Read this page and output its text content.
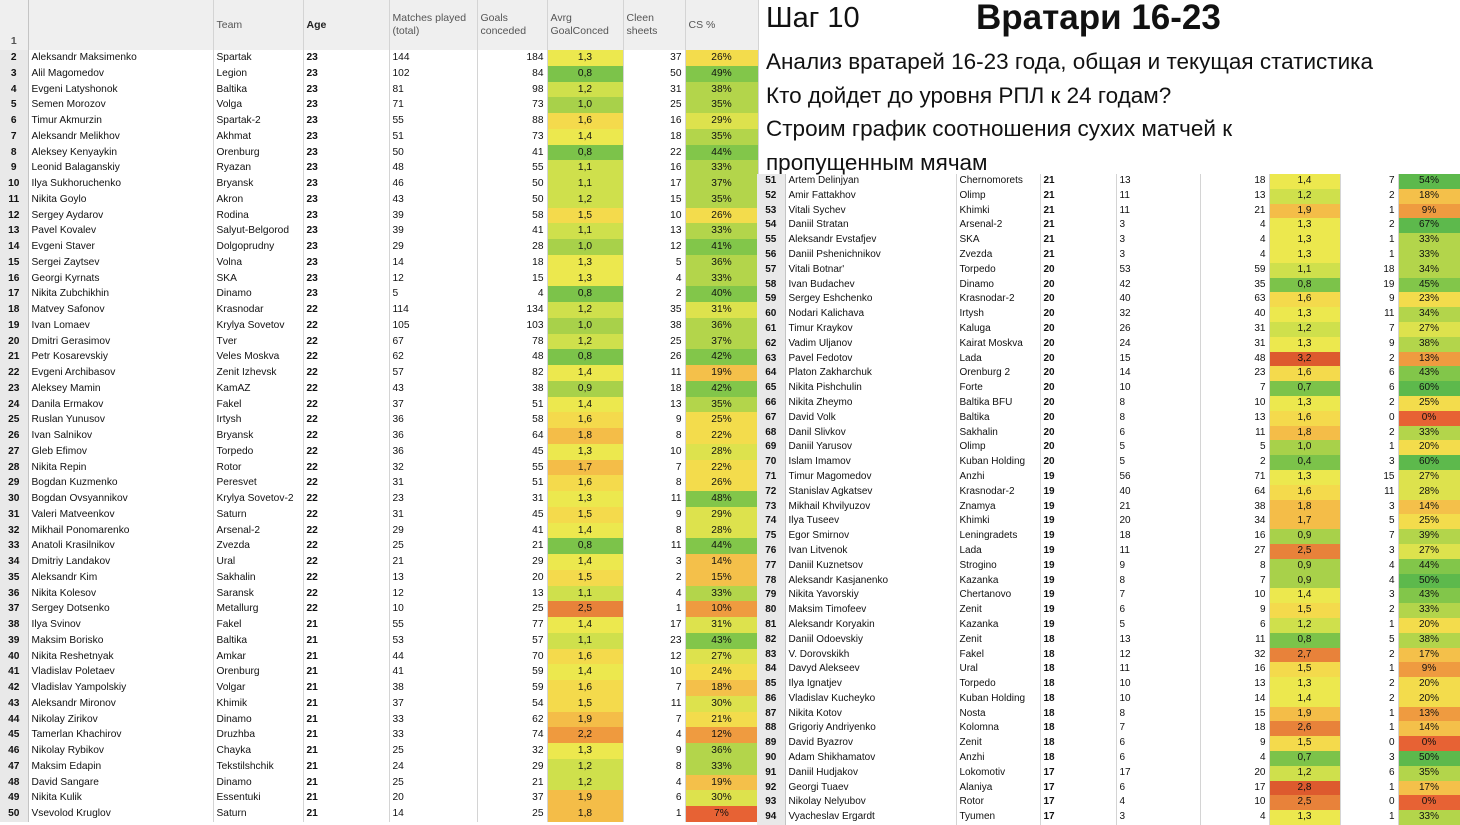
1		Team	Age	Matches played (total)	Goals conceded	Avrg GoalConced	Cleen sheets	CS %
2	Aleksandr Maksimenko	Spartak	23	144	184	1,3	37	26%
3	Alil Magomedov	Legion	23	102	84	0,8	50	49%
4	Evgeni Latyshonok	Baltika	23	81	98	1,2	31	38%
5	Semen Morozov	Volga	23	71	73	1,0	25	35%
6	Timur Akmurzin	Spartak-2	23	55	88	1,6	16	29%
7	Aleksandr Melikhov	Akhmat	23	51	73	1,4	18	35%
8	Aleksey Kenyaykin	Orenburg	23	50	41	0,8	22	44%
9	Leonid Balaganskiy	Ryazan	23	48	55	1,1	16	33%
10	Ilya Sukhoruchenko	Bryansk	23	46	50	1,1	17	37%
11	Nikita Goylo	Akron	23	43	50	1,2	15	35%
12	Sergey Aydarov	Rodina	23	39	58	1,5	10	26%
13	Pavel Kovalev	Salyut-Belgorod	23	39	41	1,1	13	33%
14	Evgeni Staver	Dolgoprudny	23	29	28	1,0	12	41%
15	Sergei Zaytsev	Volna	23	14	18	1,3	5	36%
16	Georgi Kyrnats	SKA	23	12	15	1,3	4	33%
17	Nikita Zubchikhin	Dinamo	23	5	4	0,8	2	40%
18	Matvey Safonov	Krasnodar	22	114	134	1,2	35	31%
19	Ivan Lomaev	Krylya Sovetov	22	105	103	1,0	38	36%
20	Dmitri Gerasimov	Tver	22	67	78	1,2	25	37%
21	Petr Kosarevskiy	Veles Moskva	22	62	48	0,8	26	42%
22	Evgeni Archibasov	Zenit Izhevsk	22	57	82	1,4	11	19%
23	Aleksey Mamin	KamAZ	22	43	38	0,9	18	42%
24	Danila Ermakov	Fakel	22	37	51	1,4	13	35%
25	Ruslan Yunusov	Irtysh	22	36	58	1,6	9	25%
26	Ivan Salnikov	Bryansk	22	36	64	1,8	8	22%
27	Gleb Efimov	Torpedo	22	36	45	1,3	10	28%
28	Nikita Repin	Rotor	22	32	55	1,7	7	22%
29	Bogdan Kuzmenko	Peresvet	22	31	51	1,6	8	26%
30	Bogdan Ovsyannikov	Krylya Sovetov-2	22	23	31	1,3	11	48%
31	Valeri Matveenkov	Saturn	22	31	45	1,5	9	29%
32	Mikhail Ponomarenko	Arsenal-2	22	29	41	1,4	8	28%
33	Anatoli Krasilnikov	Zvezda	22	25	21	0,8	11	44%
34	Dmitriy Landakov	Ural	22	21	29	1,4	3	14%
35	Aleksandr Kim	Sakhalin	22	13	20	1,5	2	15%
36	Nikita Kolesov	Saransk	22	12	13	1,1	4	33%
37	Sergey Dotsenko	Metallurg	22	10	25	2,5	1	10%
38	Ilya Svinov	Fakel	21	55	77	1,4	17	31%
39	Maksim Borisko	Baltika	21	53	57	1,1	23	43%
40	Nikita Reshetnyak	Amkar	21	44	70	1,6	12	27%
41	Vladislav Poletaev	Orenburg	21	41	59	1,4	10	24%
42	Vladislav Yampolskiy	Volgar	21	38	59	1,6	7	18%
43	Aleksandr Mironov	Khimik	21	37	54	1,5	11	30%
44	Nikolay Zirikov	Dinamo	21	33	62	1,9	7	21%
45	Tamerlan Khachirov	Druzhba	21	33	74	2,2	4	12%
46	Nikolay Rybikov	Chayka	21	25	32	1,3	9	36%
47	Maksim Edapin	Tekstilshchik	21	24	29	1,2	8	33%
48	David Sangare	Dinamo	21	25	21	1,2	4	19%
49	Nikita Kulik	Essentuki	21	20	37	1,9	6	30%
50	Vsevolod Kruglov	Saturn	21	14	25	1,8	1	7%
Шаг 10	Вратари 16-23
Анализ вратарей 16-23 года, общая и текущая статистика
Кто дойдет до уровня РПЛ к 24 годам?
Строим график соотношения сухих матчей к
пропущенным мячам
51	Artem Delinjyan	Chernomorets	21	13	18	1,4	7	54%
52	Amir Fattakhov	Olimp	21	11	13	1,2	2	18%
53	Vitali Sychev	Khimki	21	11	21	1,9	1	9%
54	Daniil Stratan	Arsenal-2	21	3	4	1,3	2	67%
55	Aleksandr Evstafjev	SKA	21	3	4	1,3	1	33%
56	Daniil Pshenichnikov	Zvezda	21	3	4	1,3	1	33%
57	Vitali Botnar'	Torpedo	20	53	59	1,1	18	34%
58	Ivan Budachev	Dinamo	20	42	35	0,8	19	45%
59	Sergey Eshchenko	Krasnodar-2	20	40	63	1,6	9	23%
60	Nodari Kalichava	Irtysh	20	32	40	1,3	11	34%
61	Timur Kraykov	Kaluga	20	26	31	1,2	7	27%
62	Vadim Uljanov	Kairat Moskva	20	24	31	1,3	9	38%
63	Pavel Fedotov	Lada	20	15	48	3,2	2	13%
64	Platon Zakharchuk	Orenburg 2	20	14	23	1,6	6	43%
65	Nikita Pishchulin	Forte	20	10	7	0,7	6	60%
66	Nikita Zheymo	Baltika BFU	20	8	10	1,3	2	25%
67	David Volk	Baltika	20	8	13	1,6	0	0%
68	Danil Slivkov	Sakhalin	20	6	11	1,8	2	33%
69	Daniil Yarusov	Olimp	20	5	5	1,0	1	20%
70	Islam Imamov	Kuban Holding	20	5	2	0,4	3	60%
71	Timur Magomedov	Anzhi	19	56	71	1,3	15	27%
72	Stanislav Agkatsev	Krasnodar-2	19	40	64	1,6	11	28%
73	Mikhail Khvilyuzov	Znamya	19	21	38	1,8	3	14%
74	Ilya Tuseev	Khimki	19	20	34	1,7	5	25%
75	Egor Smirnov	Leningradets	19	18	16	0,9	7	39%
76	Ivan Litvenok	Lada	19	11	27	2,5	3	27%
77	Daniil Kuznetsov	Strogino	19	9	8	0,9	4	44%
78	Aleksandr Kasjanenko	Kazanka	19	8	7	0,9	4	50%
79	Nikita Yavorskiy	Chertanovo	19	7	10	1,4	3	43%
80	Maksim Timofeev	Zenit	19	6	9	1,5	2	33%
81	Aleksandr Koryakin	Kazanka	19	5	6	1,2	1	20%
82	Daniil Odoevskiy	Zenit	18	13	11	0,8	5	38%
83	V. Dorovskikh	Fakel	18	12	32	2,7	2	17%
84	Davyd Alekseev	Ural	18	11	16	1,5	1	9%
85	Ilya Ignatjev	Torpedo	18	10	13	1,3	2	20%
86	Vladislav Kucheyko	Kuban Holding	18	10	14	1,4	2	20%
87	Nikita Kotov	Nosta	18	8	15	1,9	1	13%
88	Grigoriy Andriyenko	Kolomna	18	7	18	2,6	1	14%
89	David Byazrov	Zenit	18	6	9	1,5	0	0%
90	Adam Shikhamatov	Anzhi	18	6	4	0,7	3	50%
91	Daniil Hudjakov	Lokomotiv	17	17	20	1,2	6	35%
92	Georgi Tuaev	Alaniya	17	6	17	2,8	1	17%
93	Nikolay Nelyubov	Rotor	17	4	10	2,5	0	0%
94	Vyacheslav Ergardt	Tyumen	17	3	4	1,3	1	33%
